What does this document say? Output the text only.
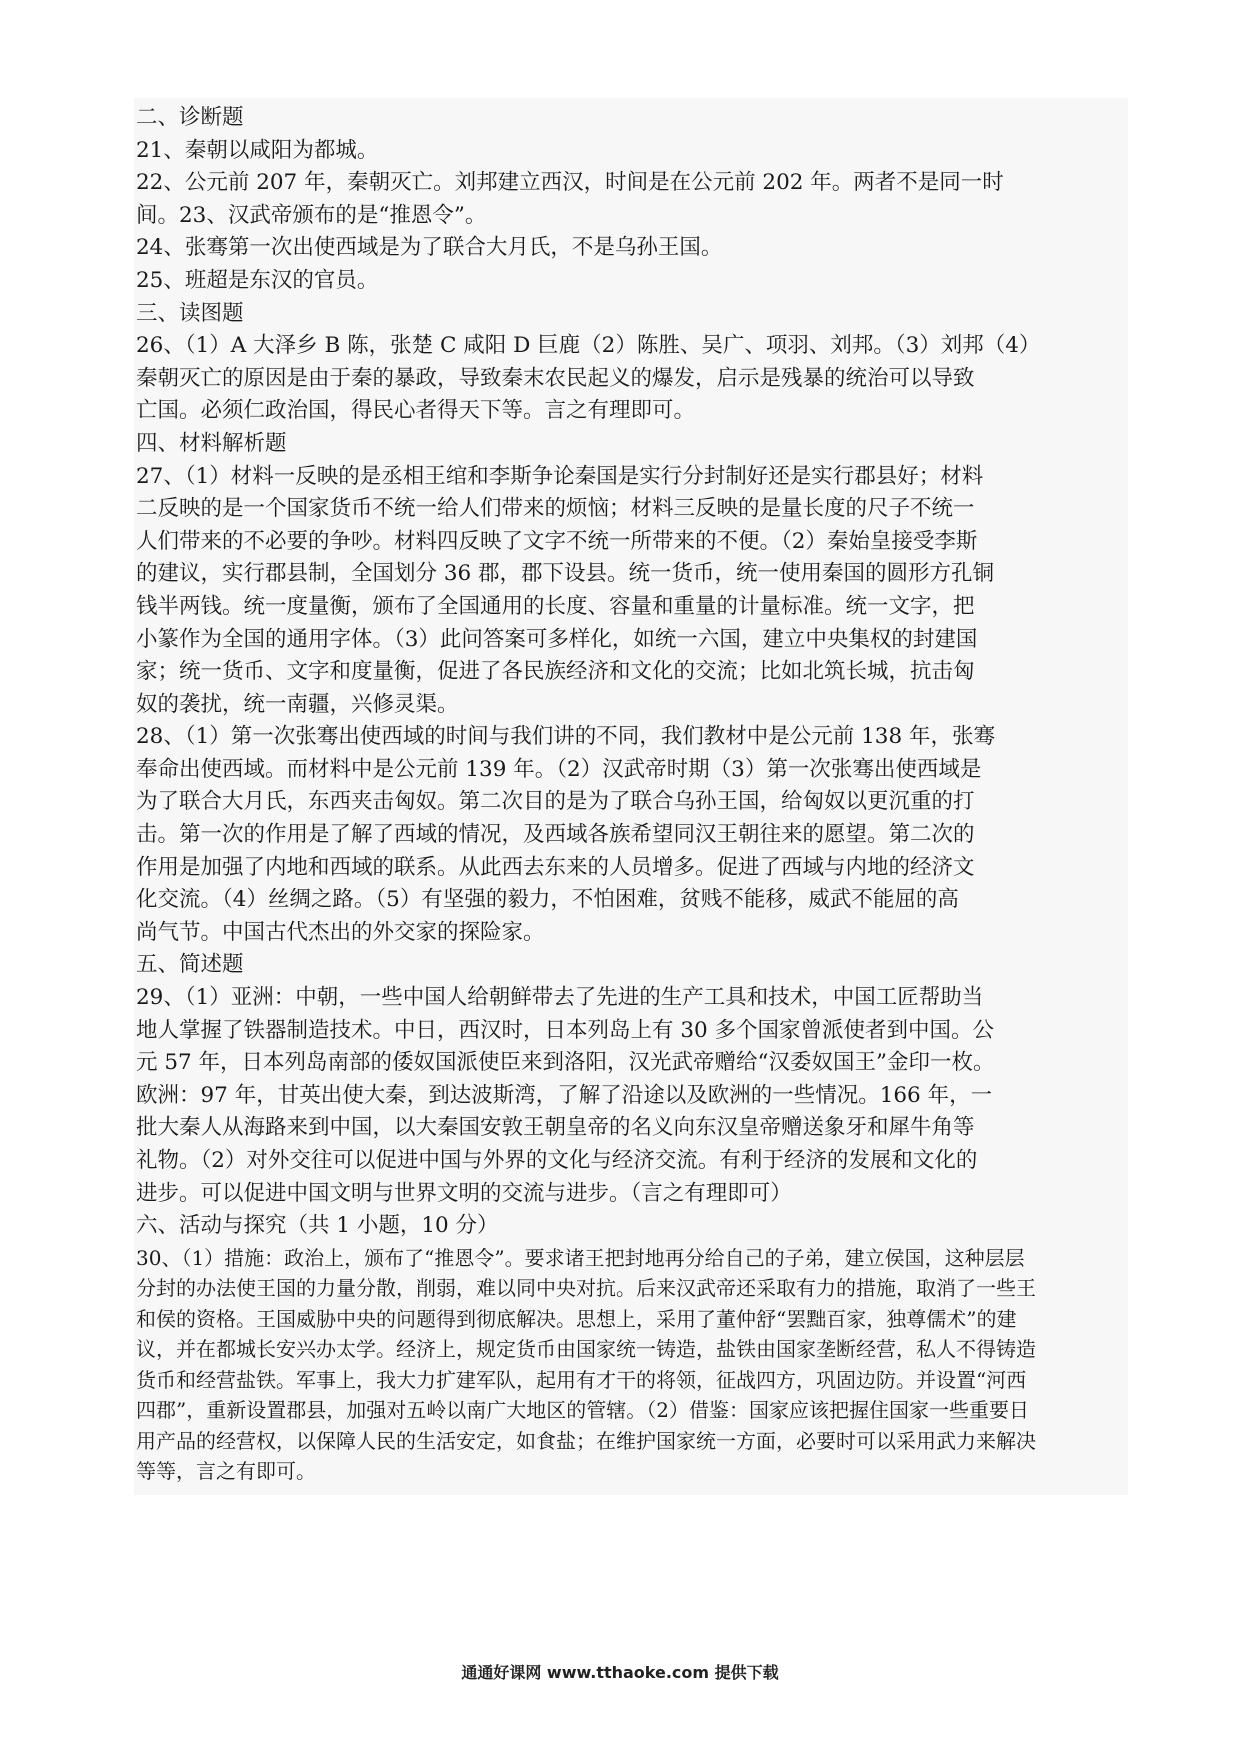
二、诊断题
21、秦朝以咸阳为都城。
22、公元前 207 年，秦朝灭亡。刘邦建立西汉，时间是在公元前 202 年。两者不是同一时
间。23、汉武帝颁布的是“推恩令”。
24、张骞第一次出使西域是为了联合大月氏，不是乌孙王国。
25、班超是东汉的官员。
三、读图题
26、（1）A 大泽乡 B 陈，张楚 C 咸阳 D 巨鹿（2）陈胜、吴广、项羽、刘邦。（3）刘邦（4）
秦朝灭亡的原因是由于秦的暴政，导致秦末农民起义的爆发，启示是残暴的统治可以导致
亡国。必须仁政治国，得民心者得天下等。言之有理即可。
四、材料解析题
27、（1）材料一反映的是丞相王绾和李斯争论秦国是实行分封制好还是实行郡县好；材料
二反映的是一个国家货币不统一给人们带来的烦恼；材料三反映的是量长度的尺子不统一
人们带来的不必要的争吵。材料四反映了文字不统一所带来的不便。（2）秦始皇接受李斯
的建议，实行郡县制，全国划分 36 郡，郡下设县。统一货币，统一使用秦国的圆形方孔铜
钱半两钱。统一度量衡，颁布了全国通用的长度、容量和重量的计量标准。统一文字，把
小篆作为全国的通用字体。（3）此问答案可多样化，如统一六国，建立中央集权的封建国
家；统一货币、文字和度量衡，促进了各民族经济和文化的交流；比如北筑长城，抗击匈
奴的袭扰，统一南疆，兴修灵渠。
28、（1）第一次张骞出使西域的时间与我们讲的不同，我们教材中是公元前 138 年，张骞
奉命出使西域。而材料中是公元前 139 年。（2）汉武帝时期（3）第一次张骞出使西域是
为了联合大月氏，东西夹击匈奴。第二次目的是为了联合乌孙王国，给匈奴以更沉重的打
击。第一次的作用是了解了西域的情况，及西域各族希望同汉王朝往来的愿望。第二次的
作用是加强了内地和西域的联系。从此西去东来的人员增多。促进了西域与内地的经济文
化交流。（4）丝绸之路。（5）有坚强的毅力，不怕困难，贫贱不能移，威武不能屈的高
尚气节。中国古代杰出的外交家的探险家。
五、简述题
29、（1）亚洲：中朝，一些中国人给朝鲜带去了先进的生产工具和技术，中国工匠帮助当
地人掌握了铁器制造技术。中日，西汉时，日本列岛上有 30 多个国家曾派使者到中国。公
元 57 年，日本列岛南部的倭奴国派使臣来到洛阳，汉光武帝赠给“汉委奴国王”金印一枚。
欧洲：97 年，甘英出使大秦，到达波斯湾，了解了沿途以及欧洲的一些情况。166 年，一
批大秦人从海路来到中国，以大秦国安敦王朝皇帝的名义向东汉皇帝赠送象牙和犀牛角等
礼物。（2）对外交往可以促进中国与外界的文化与经济交流。有利于经济的发展和文化的
进步。可以促进中国文明与世界文明的交流与进步。（言之有理即可）
六、活动与探究（共 1 小题，10 分）
30、（1）措施：政治上，颁布了“推恩令”。要求诸王把封地再分给自己的子弟，建立侯国，这种层层
分封的办法使王国的力量分散，削弱，难以同中央对抗。后来汉武帝还采取有力的措施，取消了一些王
和侯的资格。王国威胁中央的问题得到彻底解决。思想上，采用了董仲舒“罢黜百家，独尊儒术”的建
议，并在都城长安兴办太学。经济上，规定货币由国家统一铸造，盐铁由国家垄断经营，私人不得铸造
货币和经营盐铁。军事上，我大力扩建军队，起用有才干的将领，征战四方，巩固边防。并设置“河西
四郡”，重新设置郡县，加强对五岭以南广大地区的管辖。（2）借鉴：国家应该把握住国家一些重要日
用产品的经营权，以保障人民的生活安定，如食盐；在维护国家统一方面，必要时可以采用武力来解决
等等，言之有即可。
通通好课网 www.tthaoke.com 提供下载
